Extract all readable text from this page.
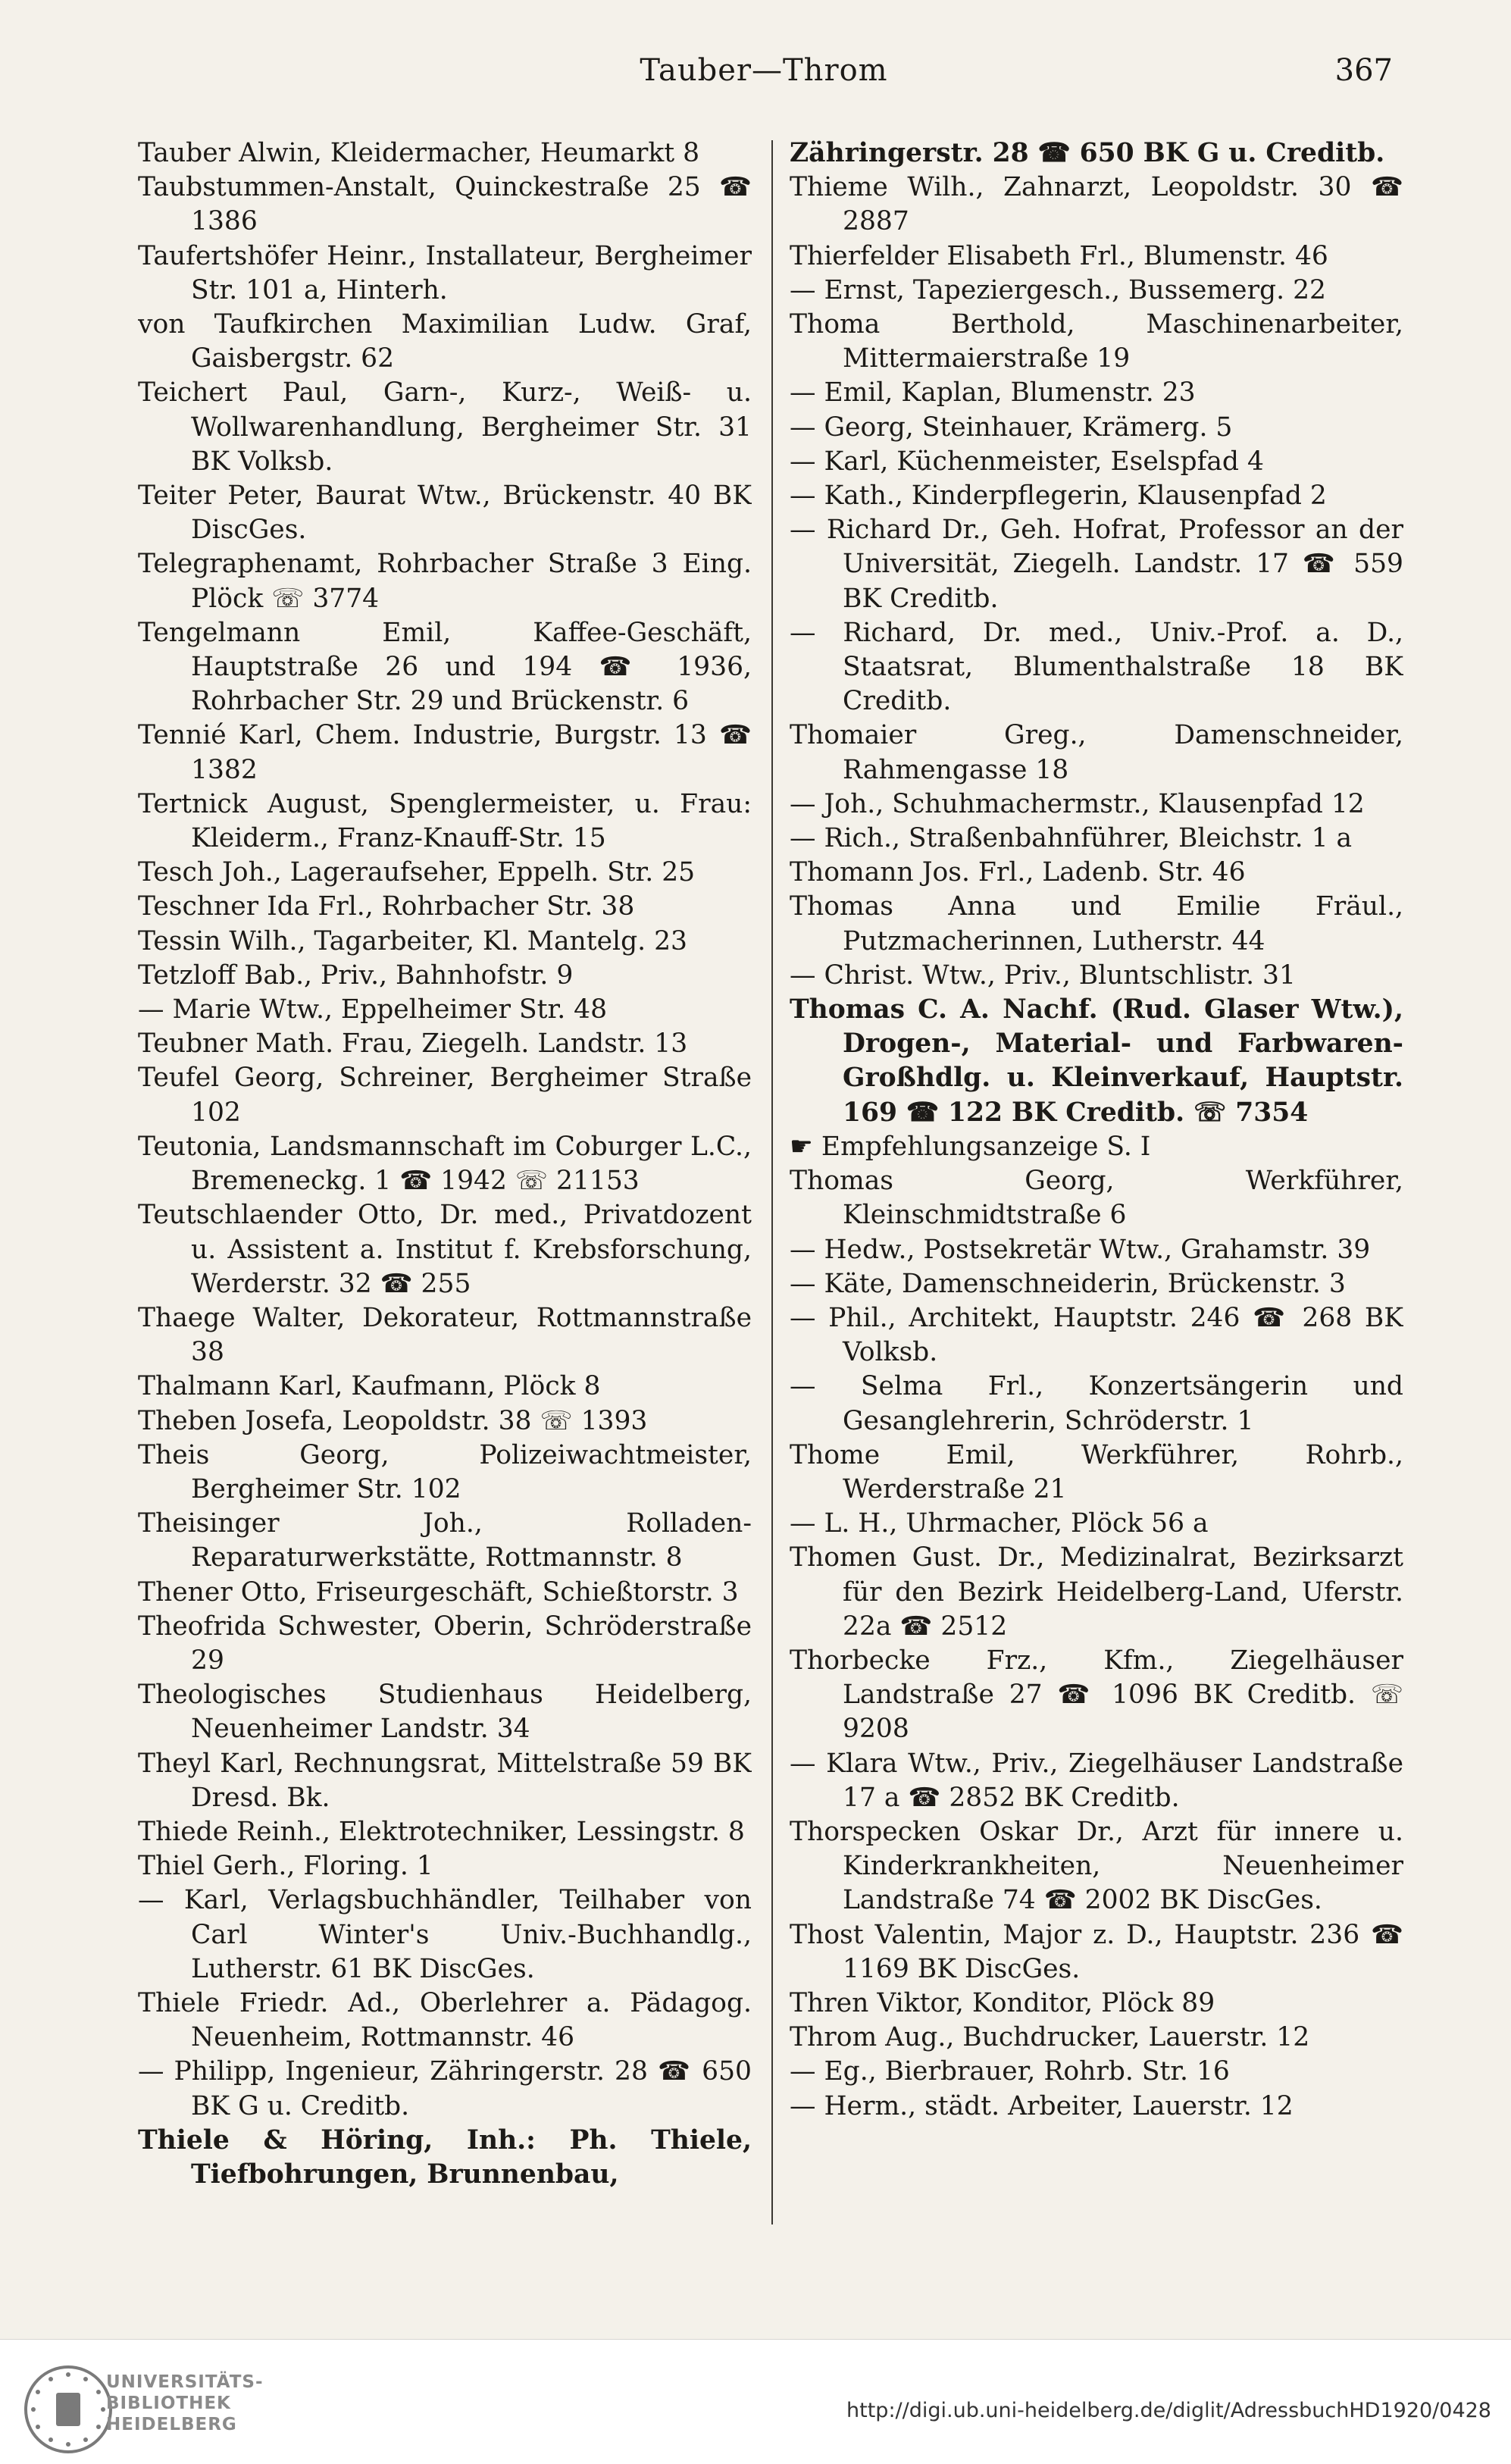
Tauber—Throm	367

Tauber Alwin, Kleidermacher, Heumarkt 8

Taubstummen-Anstalt, Quinckestraße 25 ☎ 1386

Taufertshöfer Heinr., Installateur, Bergheimer Str. 101 a, Hinterh.

von Taufkirchen Maximilian Ludw. Graf, Gaisbergstr. 62

Teichert Paul, Garn-, Kurz-, Weiß- u. Wollwarenhandlung, Bergheimer Str. 31 BK Volksb.

Teiter Peter, Baurat Wtw., Brückenstr. 40 BK DiscGes.

Telegraphenamt, Rohrbacher Straße 3 Eing. Plöck ☏ 3774

Tengelmann Emil, Kaffee-Geschäft, Hauptstraße 26 und 194 ☎ 1936, Rohrbacher Str. 29 und Brückenstr. 6

Tennié Karl, Chem. Industrie, Burgstr. 13 ☎ 1382

Tertnick August, Spenglermeister, u. Frau: Kleiderm., Franz-Knauff-Str. 15

Tesch Joh., Lageraufseher, Eppelh. Str. 25

Teschner Ida Frl., Rohrbacher Str. 38

Tessin Wilh., Tagarbeiter, Kl. Mantelg. 23

Tetzloff Bab., Priv., Bahnhofstr. 9

— Marie Wtw., Eppelheimer Str. 48

Teubner Math. Frau, Ziegelh. Landstr. 13

Teufel Georg, Schreiner, Bergheimer Straße 102

Teutonia, Landsmannschaft im Coburger L.C., Bremeneckg. 1 ☎ 1942 ☏ 21153

Teutschlaender Otto, Dr. med., Privatdozent u. Assistent a. Institut f. Krebsforschung, Werderstr. 32 ☎ 255

Thaege Walter, Dekorateur, Rottmannstraße 38

Thalmann Karl, Kaufmann, Plöck 8

Theben Josefa, Leopoldstr. 38 ☏ 1393

Theis Georg, Polizeiwachtmeister, Bergheimer Str. 102

Theisinger Joh., Rolladen-Reparaturwerkstätte, Rottmannstr. 8

Thener Otto, Friseurgeschäft, Schießtorstr. 3

Theofrida Schwester, Oberin, Schröderstraße 29

Theologisches Studienhaus Heidelberg, Neuenheimer Landstr. 34

Theyl Karl, Rechnungsrat, Mittelstraße 59 BK Dresd. Bk.

Thiede Reinh., Elektrotechniker, Lessingstr. 8

Thiel Gerh., Floring. 1

— Karl, Verlagsbuchhändler, Teilhaber von Carl Winter's Univ.-Buchhandlg., Lutherstr. 61 BK DiscGes.

Thiele Friedr. Ad., Oberlehrer a. Pädagog. Neuenheim, Rottmannstr. 46

— Philipp, Ingenieur, Zähringerstr. 28 ☎ 650 BK G u. Creditb.

Thiele & Höring, Inh.: Ph. Thiele, Tiefbohrungen, Brunnenbau,

Zähringerstr. 28 ☎ 650 BK G u. Creditb.

Thieme Wilh., Zahnarzt, Leopoldstr. 30 ☎ 2887

Thierfelder Elisabeth Frl., Blumenstr. 46

— Ernst, Tapeziergesch., Bussemerg. 22

Thoma Berthold, Maschinenarbeiter, Mittermaierstraße 19

— Emil, Kaplan, Blumenstr. 23

— Georg, Steinhauer, Krämerg. 5

— Karl, Küchenmeister, Eselspfad 4

— Kath., Kinderpflegerin, Klausenpfad 2

— Richard Dr., Geh. Hofrat, Professor an der Universität, Ziegelh. Landstr. 17 ☎ 559 BK Creditb.

— Richard, Dr. med., Univ.-Prof. a. D., Staatsrat, Blumenthalstraße 18 BK Creditb.

Thomaier Greg., Damenschneider, Rahmengasse 18

— Joh., Schuhmachermstr., Klausenpfad 12

— Rich., Straßenbahnführer, Bleichstr. 1 a

Thomann Jos. Frl., Ladenb. Str. 46

Thomas Anna und Emilie Fräul., Putzmacherinnen, Lutherstr. 44

— Christ. Wtw., Priv., Bluntschlistr. 31

Thomas C. A. Nachf. (Rud. Glaser Wtw.), Drogen-, Material- und Farbwaren-Großhdlg. u. Kleinverkauf, Hauptstr. 169 ☎ 122 BK Creditb. ☏ 7354

☛ Empfehlungsanzeige S. I

Thomas Georg, Werkführer, Kleinschmidtstraße 6

— Hedw., Postsekretär Wtw., Grahamstr. 39

— Käte, Damenschneiderin, Brückenstr. 3

— Phil., Architekt, Hauptstr. 246 ☎ 268 BK Volksb.

— Selma Frl., Konzertsängerin und Gesanglehrerin, Schröderstr. 1

Thome Emil, Werkführer, Rohrb., Werderstraße 21

— L. H., Uhrmacher, Plöck 56 a

Thomen Gust. Dr., Medizinalrat, Bezirksarzt für den Bezirk Heidelberg-Land, Uferstr. 22a ☎ 2512

Thorbecke Frz., Kfm., Ziegelhäuser Landstraße 27 ☎ 1096 BK Creditb. ☏ 9208

— Klara Wtw., Priv., Ziegelhäuser Landstraße 17 a ☎ 2852 BK Creditb.

Thorspecken Oskar Dr., Arzt für innere u. Kinderkrankheiten, Neuenheimer Landstraße 74 ☎ 2002 BK DiscGes.

Thost Valentin, Major z. D., Hauptstr. 236 ☎ 1169 BK DiscGes.

Thren Viktor, Konditor, Plöck 89

Throm Aug., Buchdrucker, Lauerstr. 12

— Eg., Bierbrauer, Rohrb. Str. 16

— Herm., städt. Arbeiter, Lauerstr. 12

UNIVERSITÄTS-
BIBLIOTHEK
HEIDELBERG
http://digi.ub.uni-heidelberg.de/diglit/AdressbuchHD1920/0428
